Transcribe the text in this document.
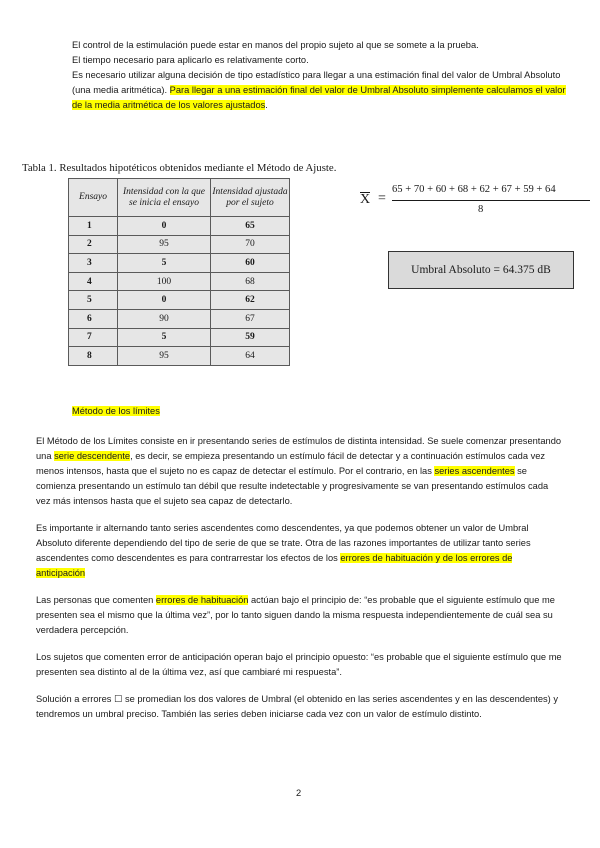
El control de la estimulación puede estar en manos del propio sujeto al que se somete a la prueba.

El tiempo necesario para aplicarlo es relativamente corto.

Es necesario utilizar alguna decisión de tipo estadístico para llegar a una estimación final del valor de Umbral Absoluto (una media aritmética). Para llegar a una estimación final del valor de Umbral Absoluto simplemente calculamos el valor de la media aritmética de los valores ajustados.

Tabla 1. Resultados hipotéticos obtenidos mediante el Método de Ajuste.
Ensayo	Intensidad con la que se inicia el ensayo	Intensidad ajustada por el sujeto
1	0	65
2	95	70
3	5	60
4	100	68
5	0	62
6	90	67
7	5	59
8	95	64
X =
65 + 70 + 60 + 68 + 62 + 67 + 59 + 64
8
Umbral Absoluto = 64.375 dB
Método de los límites

El Método de los Límites consiste en ir presentando series de estímulos de distinta intensidad. Se suele comenzar presentando una serie descendente, es decir, se empieza presentando un estímulo fácil de detectar y a continuación estímulos cada vez menos intensos, hasta que el sujeto no es capaz de detectar el estímulo. Por el contrario, en las series ascendentes se comienza presentando un estímulo tan débil que resulte indetectable y progresivamente se van presentando estímulos cada vez más intensos hasta que el sujeto sea capaz de detectarlo.

Es importante ir alternando tanto series ascendentes como descendentes, ya que podemos obtener un valor de Umbral Absoluto diferente dependiendo del tipo de serie de que se trate. Otra de las razones importantes de utilizar tanto series ascendentes como descendentes es para contrarrestar los efectos de los errores de habituación y de los errores de anticipación

Las personas que comenten errores de habituación actúan bajo el principio de: “es probable que el siguiente estímulo que me presenten sea el mismo que la última vez”, por lo tanto siguen dando la misma respuesta independientemente de cuál sea su verdadera percepción.

Los sujetos que comenten error de anticipación operan bajo el principio opuesto: “es probable que el siguiente estímulo que me presenten sea distinto al de la última vez, así que cambiaré mi respuesta”.

Solución a errores ☐ se promedian los dos valores de Umbral (el obtenido en las series ascendentes y en las descendentes) y tendremos un umbral preciso. También las series deben iniciarse cada vez con un valor de estímulo distinto.

2
